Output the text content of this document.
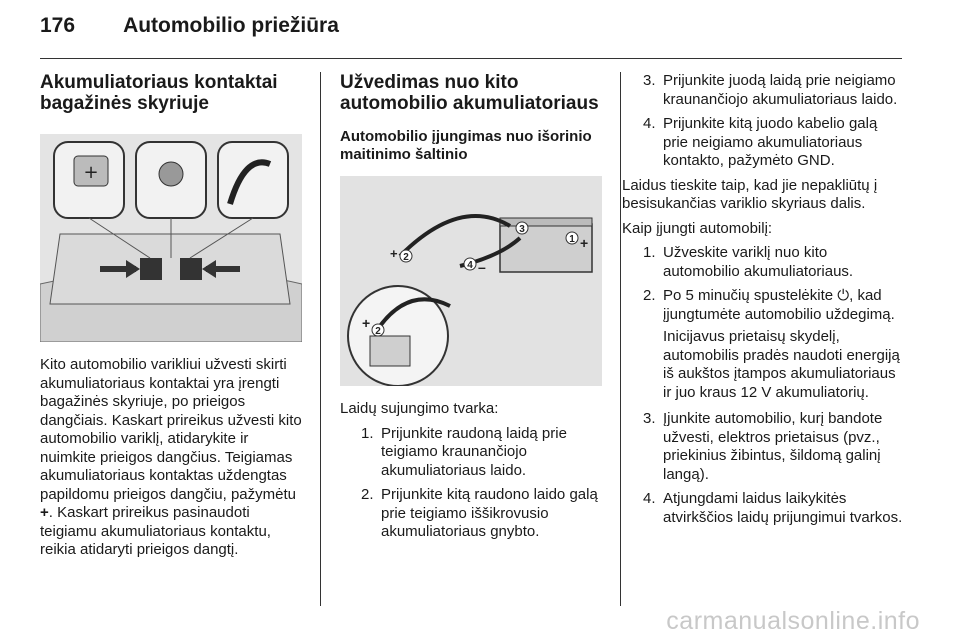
176 Automobilio priežiūra
Akumuliatoriaus kontaktai bagažinės skyriuje
+

Kito automobilio varikliui užvesti skirti akumuliatoriaus kontaktai yra įrengti bagažinės skyriuje, po prieigos dangčiais. Kaskart prireikus užvesti kito automobilio variklį, atidarykite ir nuimkite prieigos dangčius. Teigiamas akumuliatoriaus kontaktas uždengtas papildomu prieigos dangčiu, pažymėtu +. Kaskart prireikus pasinaudoti teigiamu akumuliatoriaus kontaktu, reikia atidaryti prieigos dangtį.

Užvedimas nuo kito automobilio akumuliatoriaus
Automobilio įjungimas nuo išorinio maitinimo šaltinio
+ 2
3
1 +
4 –
+
2

Laidų sujungimo tvarka:

1. Prijunkite raudoną laidą prie teigiamo kraunančiojo akumuliatoriaus laido.
2. Prijunkite kitą raudono laido galą prie teigiamo iššikrovusio akumuliatoriaus gnybto.
3. Prijunkite juodą laidą prie neigiamo kraunančiojo akumuliatoriaus laido.
4. Prijunkite kitą juodo kabelio galą prie neigiamo akumuliatoriaus kontakto, pažymėto GND.

Laidus tieskite taip, kad jie nepakliūtų į besisukančias variklio skyriaus dalis.

Kaip įjungti automobilį:

1. Užveskite variklį nuo kito automobilio akumuliatoriaus.
2. Po 5 minučių spustelėkite ⏻, kad įjungtumėte automobilio uždegimą.

Inicijavus prietaisų skydelį, automobilis pradės naudoti energiją iš aukštos įtampos akumuliatoriaus ir juo kraus 12 V akumuliatorių.

3. Įjunkite automobilio, kurį bandote užvesti, elektros prietaisus (pvz., priekinius žibintus, šildomą galinį langą).
4. Atjungdami laidus laikykitės atvirkščios laidų prijungimui tvarkos.
carmanualsonline.info
